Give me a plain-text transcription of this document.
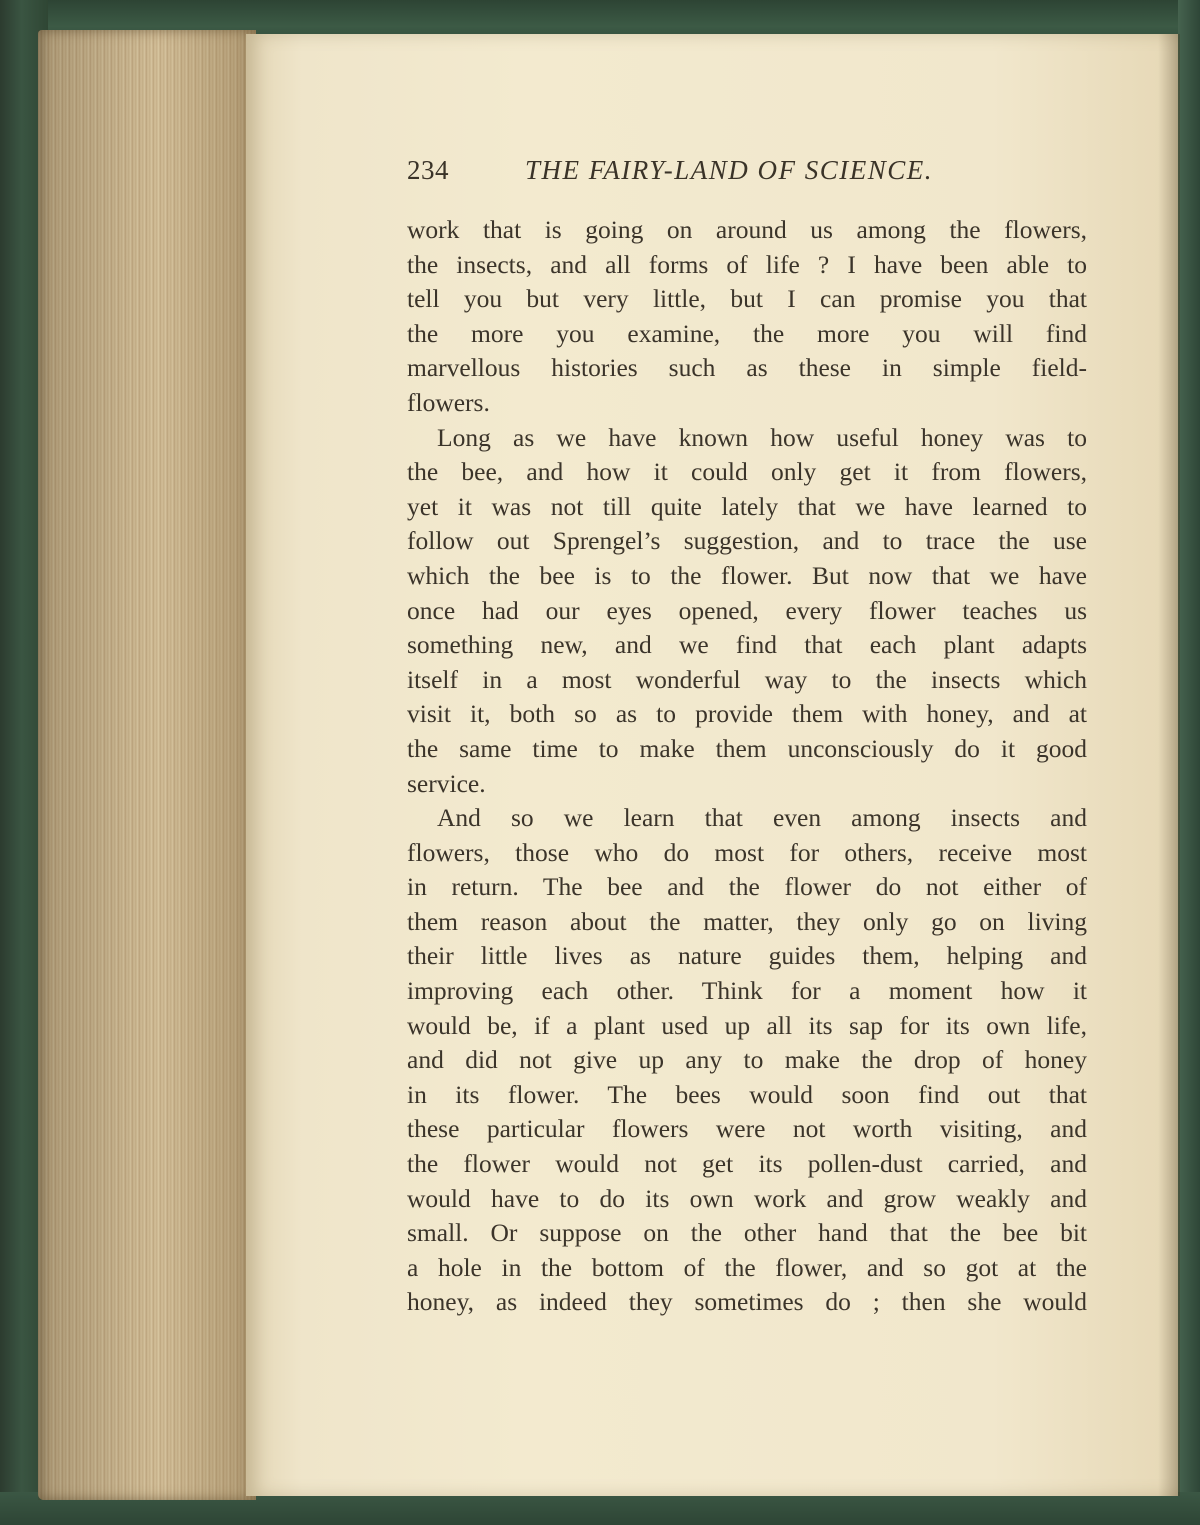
234	THE FAIRY-LAND OF SCIENCE.
work that is going on around us among the flowers,
the insects, and all forms of life ? I have been able to
tell you but very little, but I can promise you that
the more you examine, the more you will find
marvellous histories such as these in simple field-
flowers.
Long as we have known how useful honey was to
the bee, and how it could only get it from flowers,
yet it was not till quite lately that we have learned to
follow out Sprengel’s suggestion, and to trace the use
which the bee is to the flower. But now that we have
once had our eyes opened, every flower teaches us
something new, and we find that each plant adapts
itself in a most wonderful way to the insects which
visit it, both so as to provide them with honey, and at
the same time to make them unconsciously do it good
service.
And so we learn that even among insects and
flowers, those who do most for others, receive most
in return. The bee and the flower do not either of
them reason about the matter, they only go on living
their little lives as nature guides them, helping and
improving each other. Think for a moment how it
would be, if a plant used up all its sap for its own life,
and did not give up any to make the drop of honey
in its flower. The bees would soon find out that
these particular flowers were not worth visiting, and
the flower would not get its pollen-dust carried, and
would have to do its own work and grow weakly and
small. Or suppose on the other hand that the bee bit
a hole in the bottom of the flower, and so got at the
honey, as indeed they sometimes do ; then she would
